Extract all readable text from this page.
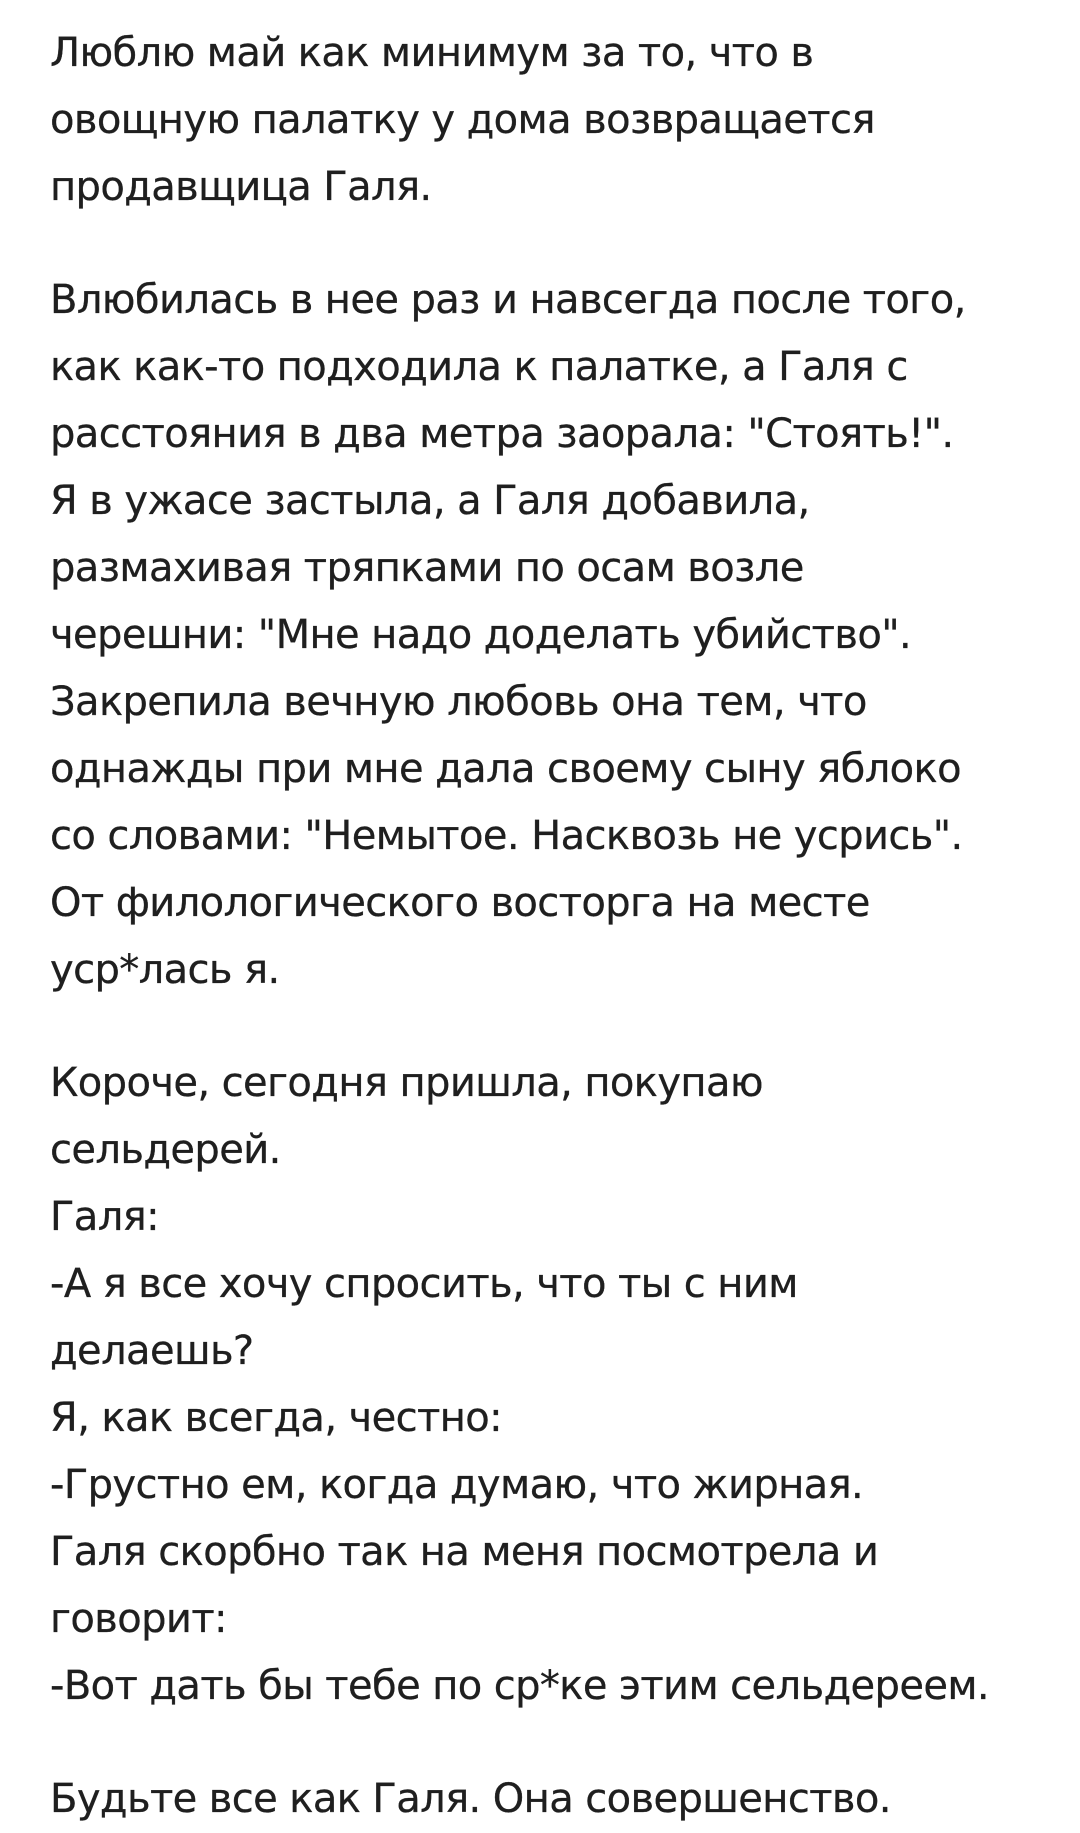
Люблю май как минимум за то, что в
овощную палатку у дома возвращается
продавщица Галя.
Влюбилась в нее раз и навсегда после того,
как как-то подходила к палатке, а Галя с
расстояния в два метра заорала: "Стоять!".
Я в ужасе застыла, а Галя добавила,
размахивая тряпками по осам возле
черешни: "Мне надо доделать убийство".
Закрепила вечную любовь она тем, что
однажды при мне дала своему сыну яблоко
со словами: "Немытое. Насквозь не усрись".
От филологического восторга на месте
уср*лась я.
Короче, сегодня пришла, покупаю
сельдерей.
Галя:
-А я все хочу спросить, что ты с ним
делаешь?
Я, как всегда, честно:
-Грустно ем, когда думаю, что жирная.
Галя скорбно так на меня посмотрела и
говорит:
-Вот дать бы тебе по ср*ке этим сельдереем.
Будьте все как Галя. Она совершенство.
